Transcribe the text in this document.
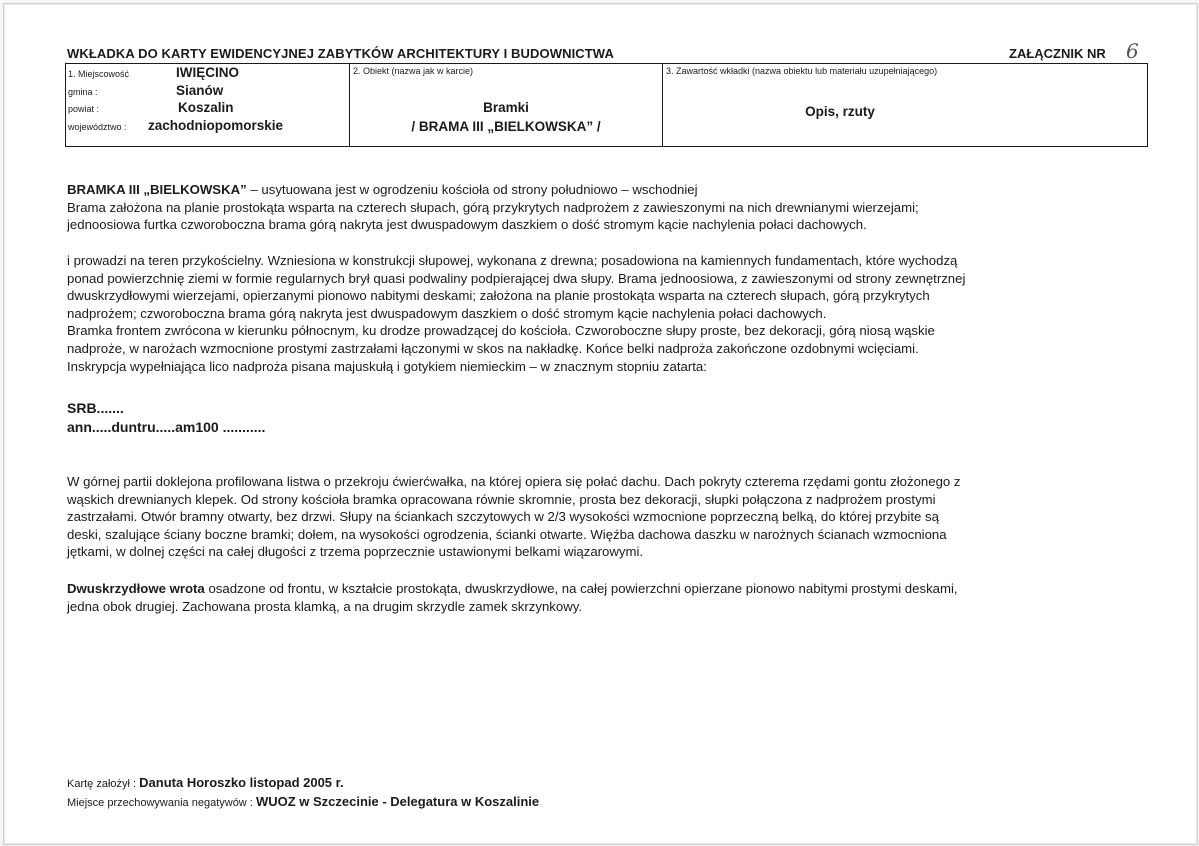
WKŁADKA DO KARTY EWIDENCYJNEJ ZABYTKÓW ARCHITEKTURY I BUDOWNICTWA	ZAŁĄCZNIK NR 6
1. Miejscowość	IWIĘCINO
gmina :	Sianów
powiat :	Koszalin
województwo :	zachodniopomorskie
2. Obiekt (nazwa jak w karcie)
Bramki
/ BRAMA III „BIELKOWSKA” /
3. Zawartość wkładki (nazwa obiektu lub materiału uzupełniającego)
Opis, rzuty

BRAMKA III „BIELKOWSKA” – usytuowana jest w ogrodzeniu kościoła od strony południowo – wschodniej

Brama założona na planie prostokąta wsparta na czterech słupach, górą przykrytych nadprożem z zawieszonymi na nich drewnianymi wierzejami;

jednoosiowa furtka czworoboczna brama górą nakryta jest dwuspadowym daszkiem o dość stromym kącie nachylenia połaci dachowych.

i prowadzi na teren przykościelny. Wzniesiona w konstrukcji słupowej, wykonana z drewna; posadowiona na kamiennych fundamentach, które wychodzą

ponad powierzchnię ziemi w formie regularnych brył quasi podwaliny podpierającej dwa słupy. Brama jednoosiowa, z zawieszonymi od strony zewnętrznej

dwuskrzydłowymi wierzejami, opierzanymi pionowo nabitymi deskami; założona na planie prostokąta wsparta na czterech słupach, górą przykrytych

nadprożem; czworoboczna brama górą nakryta jest dwuspadowym daszkiem o dość stromym kącie nachylenia połaci dachowych.

Bramka frontem zwrócona w kierunku północnym, ku drodze prowadzącej do kościoła. Czworoboczne słupy proste, bez dekoracji, górą niosą wąskie

nadproże, w narożach wzmocnione prostymi zastrzałami łączonymi w skos na nakładkę. Końce belki nadproża zakończone ozdobnymi wcięciami.

Inskrypcja wypełniająca lico nadproża pisana majuskułą i gotykiem niemieckim – w znacznym stopniu zatarta:

SRB.......
ann.....duntru.....am100 ...........

W górnej partii doklejona profilowana listwa o przekroju ćwierćwałka, na której opiera się połać dachu. Dach pokryty czterema rzędami gontu złożonego z

wąskich drewnianych klepek. Od strony kościoła bramka opracowana równie skromnie, prosta bez dekoracji, słupki połączona z nadprożem prostymi

zastrzałami. Otwór bramny otwarty, bez drzwi. Słupy na ściankach szczytowych w 2/3 wysokości wzmocnione poprzeczną belką, do której przybite są

deski, szalujące ściany boczne bramki; dołem, na wysokości ogrodzenia, ścianki otwarte. Więźba dachowa daszku w narożnych ścianach wzmocniona

jętkami, w dolnej części na całej długości z trzema poprzecznie ustawionymi belkami wiązarowymi.

Dwuskrzydłowe wrota osadzone od frontu, w kształcie prostokąta, dwuskrzydłowe, na całej powierzchni opierzane pionowo nabitymi prostymi deskami,

jedna obok drugiej. Zachowana prosta klamką, a na drugim skrzydle zamek skrzynkowy.

Kartę założył : Danuta Horoszko listopad 2005 r.
Miejsce przechowywania negatywów : WUOZ w Szczecinie - Delegatura w Koszalinie
